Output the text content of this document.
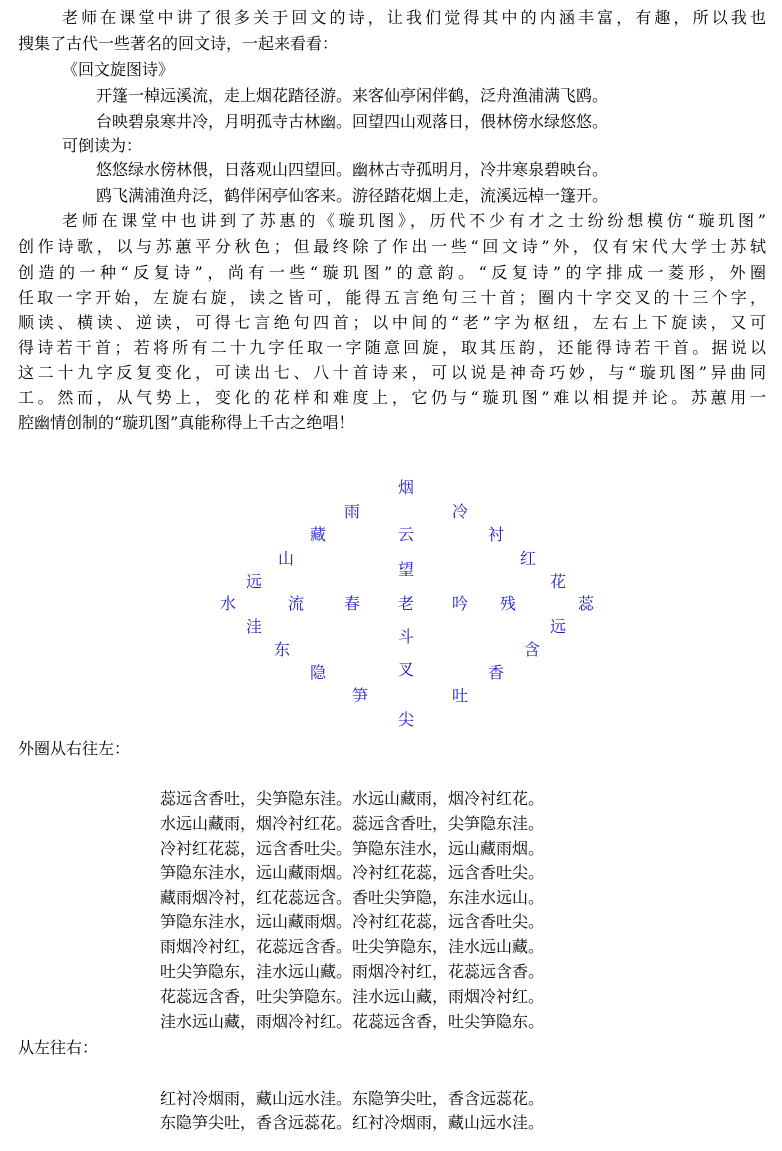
老师在课堂中讲了很多关于回文的诗，让我们觉得其中的内涵丰富，有趣，所以我也
搜集了古代一些著名的回文诗，一起来看看：
《回文旋图诗》
开篷一棹远溪流，走上烟花踏径游。来客仙亭闲伴鹤，泛舟渔浦满飞鸥。
台映碧泉寒井冷，月明孤寺古林幽。回望四山观落日，偎林傍水绿悠悠。
可倒读为：
悠悠绿水傍林偎，日落观山四望回。幽林古寺孤明月，冷井寒泉碧映台。
鸥飞满浦渔舟泛，鹤伴闲亭仙客来。游径踏花烟上走，流溪远棹一篷开。
老师在课堂中也讲到了苏惠的《璇玑图》，历代不少有才之士纷纷想模仿“璇玑图”
创作诗歌，以与苏蕙平分秋色；但最终除了作出一些“回文诗”外，仅有宋代大学士苏轼
创造的一种“反复诗”，尚有一些“璇玑图”的意韵。“反复诗”的字排成一菱形，外圈
任取一字开始，左旋右旋，读之皆可，能得五言绝句三十首；圈内十字交叉的十三个字，
顺读、横读、逆读，可得七言绝句四首；以中间的“老”字为枢纽，左右上下旋读，又可
得诗若干首；若将所有二十九字任取一字随意回旋，取其压韵，还能得诗若干首。据说以
这二十九字反复变化，可读出七、八十首诗来，可以说是神奇巧妙，与“璇玑图”异曲同
工。然而，从气势上，变化的花样和难度上，它仍与“璇玑图”难以相提并论。苏蕙用一
腔幽情创制的“璇玑图”真能称得上千古之绝唱！
烟
冷
衬
红
花
蕊
远
含
香
吐
尖
笋
隐
东
洼
水
远
山
藏
雨
云
望
老
斗
叉
流 春	吟 残
外圈从右往左：
蕊远含香吐，尖笋隐东洼。水远山藏雨，烟冷衬红花。
水远山藏雨，烟冷衬红花。蕊远含香吐，尖笋隐东洼。
冷衬红花蕊，远含香吐尖。笋隐东洼水，远山藏雨烟。
笋隐东洼水，远山藏雨烟。冷衬红花蕊，远含香吐尖。
藏雨烟冷衬，红花蕊远含。香吐尖笋隐，东洼水远山。
笋隐东洼水，远山藏雨烟。冷衬红花蕊，远含香吐尖。
雨烟冷衬红，花蕊远含香。吐尖笋隐东，洼水远山藏。
吐尖笋隐东，洼水远山藏。雨烟冷衬红，花蕊远含香。
花蕊远含香，吐尖笋隐东。洼水远山藏，雨烟冷衬红。
洼水远山藏，雨烟冷衬红。花蕊远含香，吐尖笋隐东。
从左往右：
红衬冷烟雨，藏山远水洼。东隐笋尖吐，香含远蕊花。
东隐笋尖吐，香含远蕊花。红衬冷烟雨，藏山远水洼。
